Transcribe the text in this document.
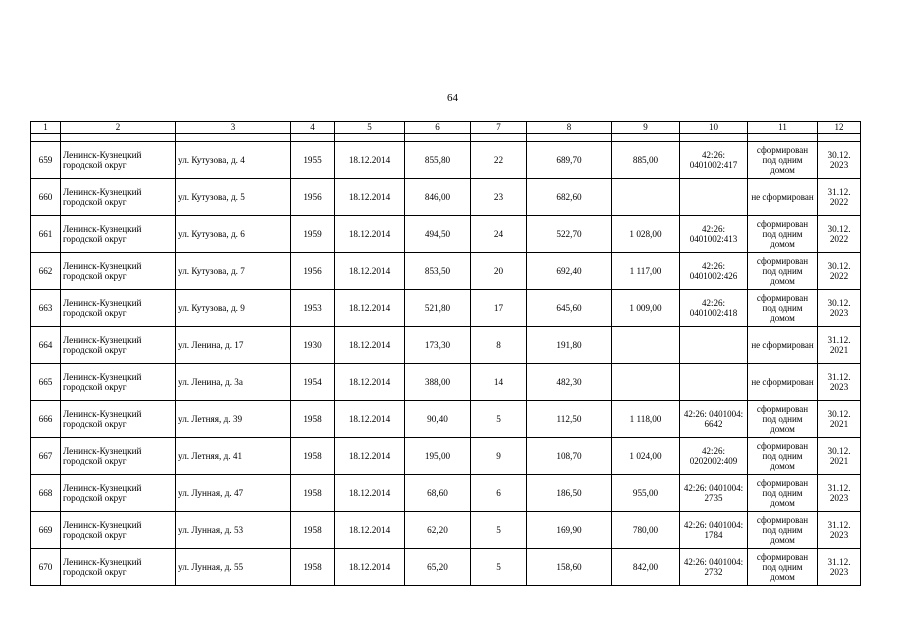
64
1	2	3	4	5	6	7	8	9	10	11	12

659	Ленинск-Кузнецкий городской округ	ул. Кутузова, д. 4	1955	18.12.2014	855,80	22	689,70	885,00	42:26: 0401002:417	сформирован под одним домом	30.12. 2023
660	Ленинск-Кузнецкий городской округ	ул. Кутузова, д. 5	1956	18.12.2014	846,00	23	682,60			не сформирован	31.12. 2022
661	Ленинск-Кузнецкий городской округ	ул. Кутузова, д. 6	1959	18.12.2014	494,50	24	522,70	1 028,00	42:26: 0401002:413	сформирован под одним домом	30.12. 2022
662	Ленинск-Кузнецкий городской округ	ул. Кутузова, д. 7	1956	18.12.2014	853,50	20	692,40	1 117,00	42:26: 0401002:426	сформирован под одним домом	30.12. 2022
663	Ленинск-Кузнецкий городской округ	ул. Кутузова, д. 9	1953	18.12.2014	521,80	17	645,60	1 009,00	42:26: 0401002:418	сформирован под одним домом	30.12. 2023
664	Ленинск-Кузнецкий городской округ	ул. Ленина, д. 17	1930	18.12.2014	173,30	8	191,80			не сформирован	31.12. 2021
665	Ленинск-Кузнецкий городской округ	ул. Ленина, д. 3а	1954	18.12.2014	388,00	14	482,30			не сформирован	31.12. 2023
666	Ленинск-Кузнецкий городской округ	ул. Летняя, д. 39	1958	18.12.2014	90,40	5	112,50	1 118,00	42:26: 0401004: 6642	сформирован под одним домом	30.12. 2021
667	Ленинск-Кузнецкий городской округ	ул. Летняя, д. 41	1958	18.12.2014	195,00	9	108,70	1 024,00	42:26: 0202002:409	сформирован под одним домом	30.12. 2021
668	Ленинск-Кузнецкий городской округ	ул. Лунная, д. 47	1958	18.12.2014	68,60	6	186,50	955,00	42:26: 0401004: 2735	сформирован под одним домом	31.12. 2023
669	Ленинск-Кузнецкий городской округ	ул. Лунная, д. 53	1958	18.12.2014	62,20	5	169,90	780,00	42:26: 0401004: 1784	сформирован под одним домом	31.12. 2023
670	Ленинск-Кузнецкий городской округ	ул. Лунная, д. 55	1958	18.12.2014	65,20	5	158,60	842,00	42:26: 0401004: 2732	сформирован под одним домом	31.12. 2023
